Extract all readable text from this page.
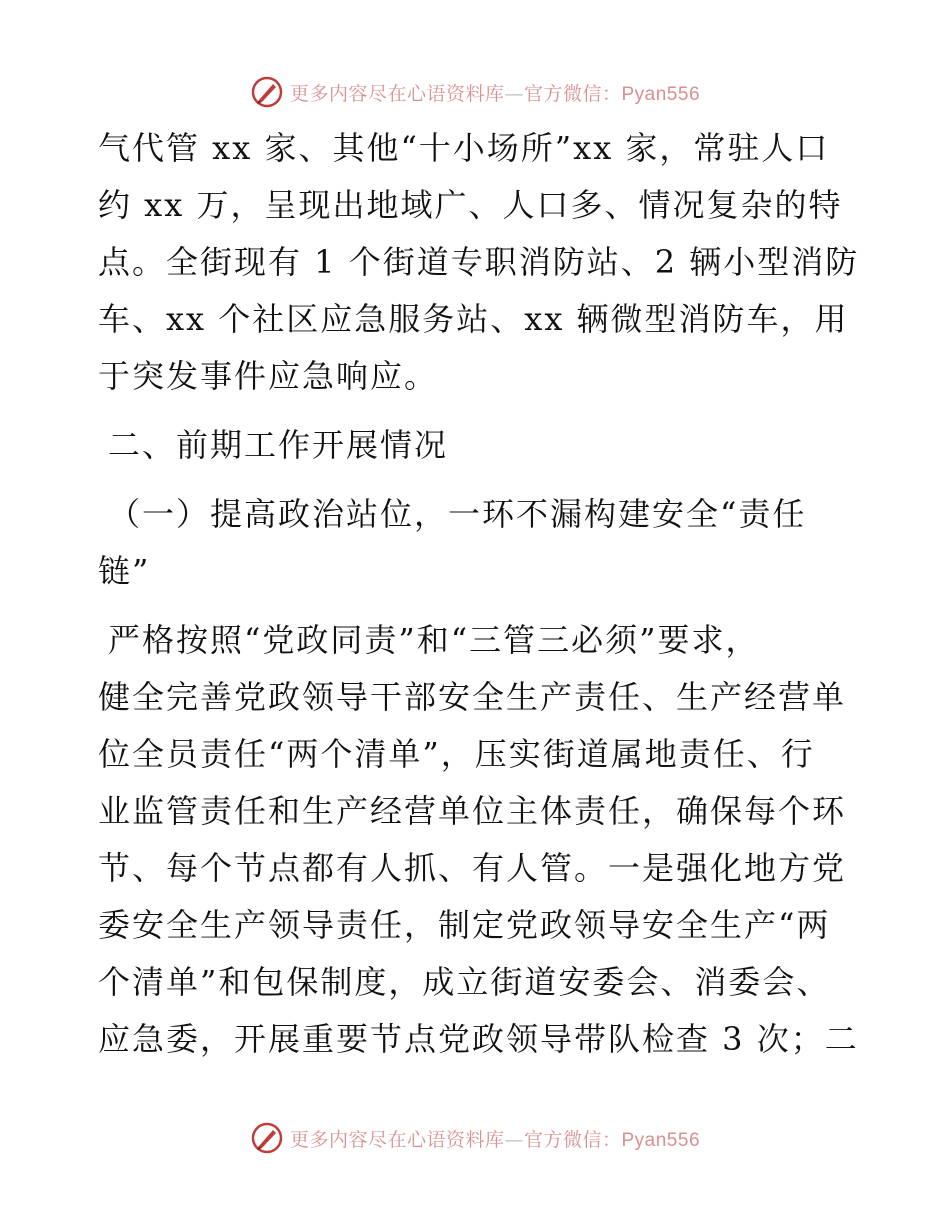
更多内容尽在心语资料库—官方微信：Pyan556

气代管 xx 家、其他“十小场所”xx 家，常驻人口
约 xx 万，呈现出地域广、人口多、情况复杂的特
点。全街现有 1 个街道专职消防站、2 辆小型消防
车、xx 个社区应急服务站、xx 辆微型消防车，用
于突发事件应急响应。

二、前期工作开展情况

（一）提高政治站位，一环不漏构建安全“责任
链”

严格按照“党政同责”和“三管三必须”要求，
健全完善党政领导干部安全生产责任、生产经营单
位全员责任“两个清单”，压实街道属地责任、行
业监管责任和生产经营单位主体责任，确保每个环
节、每个节点都有人抓、有人管。一是强化地方党
委安全生产领导责任，制定党政领导安全生产“两
个清单”和包保制度，成立街道安委会、消委会、
应急委，开展重要节点党政领导带队检查 3 次；二

更多内容尽在心语资料库—官方微信：Pyan556
